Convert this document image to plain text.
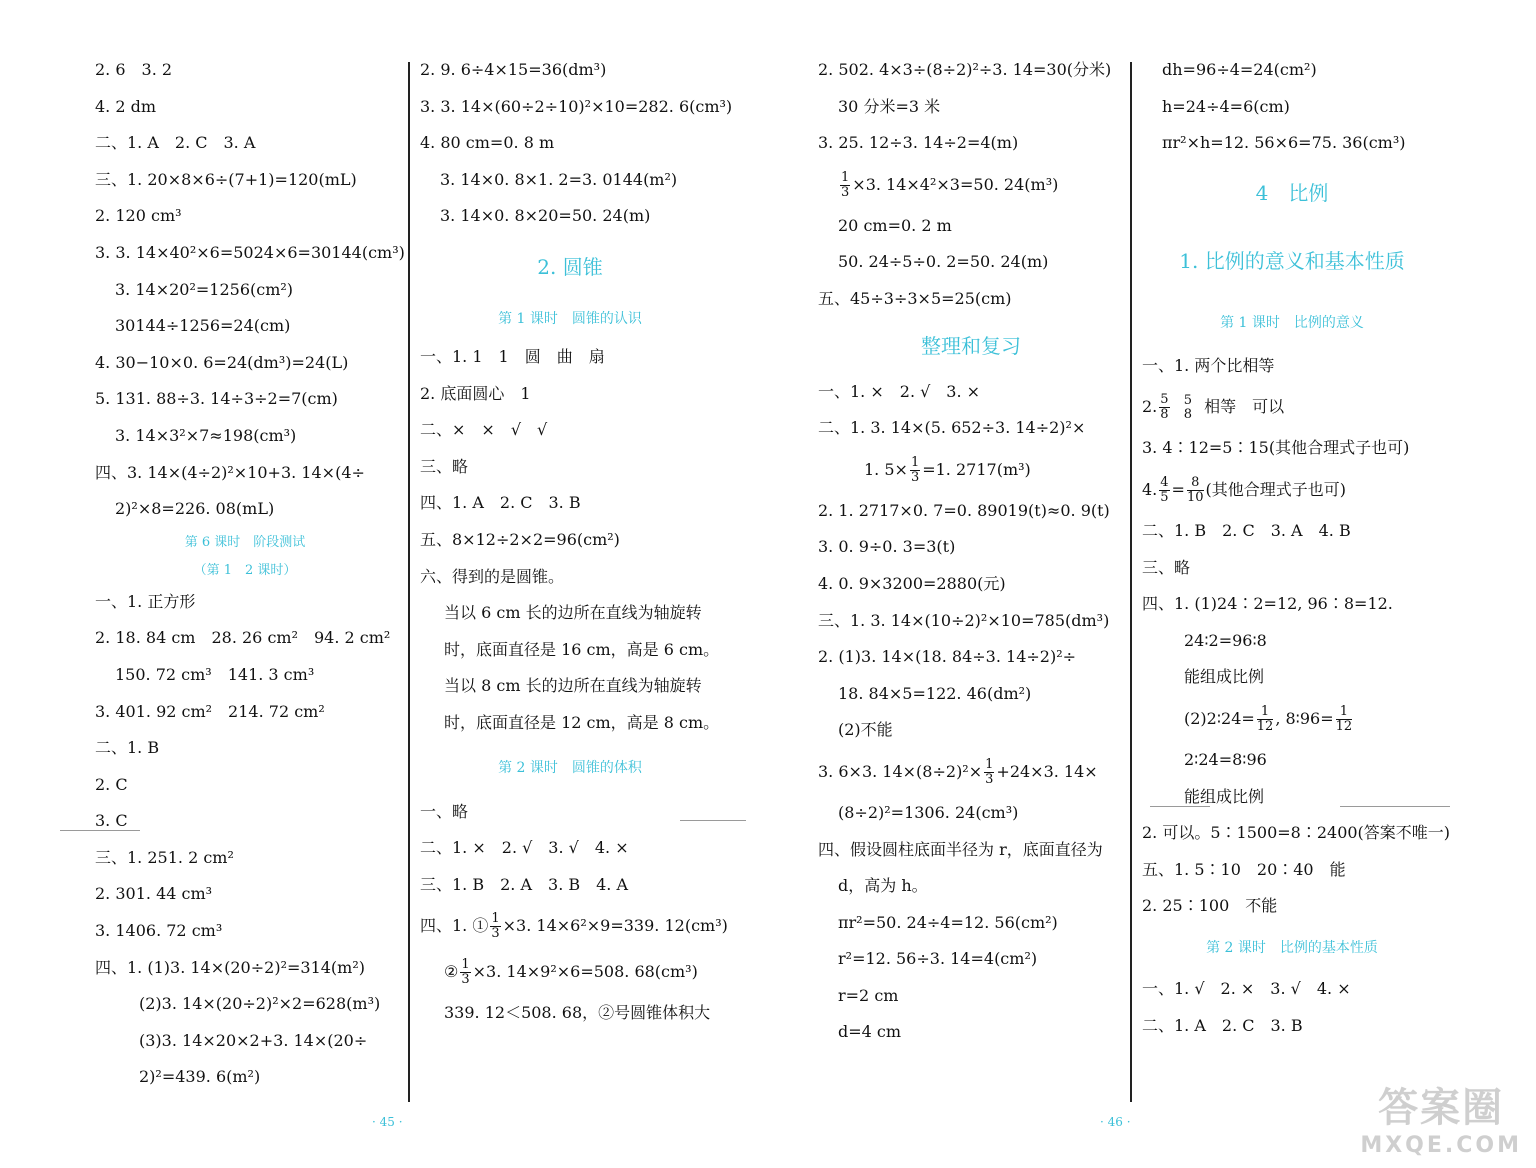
2. 6　3. 2
4. 2 dm
二、1. A　2. C　3. A
三、1. 20×8×6÷(7+1)=120(mL)
2. 120 cm³
3. 3. 14×40²×6=5024×6=30144(cm³)
3. 14×20²=1256(cm²)
30144÷1256=24(cm)
4. 30−10×0. 6=24(dm³)=24(L)
5. 131. 88÷3. 14÷3÷2=7(cm)
3. 14×3²×7≈198(cm³)
四、3. 14×(4÷2)²×10+3. 14×(4÷
2)²×8=226. 08(mL)
第 6 课时　阶段测试
（第 1　2 课时）
一、1. 正方形
2. 18. 84 cm　28. 26 cm²　94. 2 cm²
150. 72 cm³　141. 3 cm³
3. 401. 92 cm²　214. 72 cm²
二、1. B
2. C
3. C
三、1. 251. 2 cm²
2. 301. 44 cm³
3. 1406. 72 cm³
四、1. (1)3. 14×(20÷2)²=314(m²)
(2)3. 14×(20÷2)²×2=628(m³)
(3)3. 14×20×2+3. 14×(20÷
2)²=439. 6(m²)
2. 9. 6÷4×15=36(dm³)
3. 3. 14×(60÷2÷10)²×10=282. 6(cm³)
4. 80 cm=0. 8 m
3. 14×0. 8×1. 2=3. 0144(m²)
3. 14×0. 8×20=50. 24(m)
2. 圆锥
第 1 课时　圆锥的认识
一、1. 1　1　圆　曲　扇
2. 底面圆心　1
二、×　×　√　√
三、略
四、1. A　2. C　3. B
五、8×12÷2×2=96(cm²)
六、得到的是圆锥。
当以 6 cm 长的边所在直线为轴旋转
时，底面直径是 16 cm，高是 6 cm。
当以 8 cm 长的边所在直线为轴旋转
时，底面直径是 12 cm，高是 8 cm。
第 2 课时　圆锥的体积
一、略
二、1. ×　2. √　3. √　4. ×
三、1. B　2. A　3. B　4. A
四、1. ① $\frac{1}{3} \times 3$. 14×6²×9=339. 12(cm³)
② $\frac{1}{3} \times 3$. 14×9²×6=508. 68(cm³)
339. 12＜508. 68，②号圆锥体积大
2. 502. 4×3÷(8÷2)²÷3. 14=30(分米)
30 分米=3 米
3. 25. 12÷3. 14÷2=4(m)
$\frac{1}{3} \times 3$. 14×4²×3=50. 24(m³)
20 cm=0. 2 m
50. 24÷5÷0. 2=50. 24(m)
五、45÷3÷3×5=25(cm)
整理和复习
一、1. ×　2. √　3. ×
二、1. 3. 14×(5. 652÷3. 14÷2)²×
1. $5\times \frac{1}{3} =1$. 2717(m³)
2. 1. 2717×0. 7=0. 89019(t)≈0. 9(t)
3. 0. 9÷0. 3=3(t)
4. 0. 9×3200=2880(元)
三、1. 3. 14×(10÷2)²×10=785(dm³)
2. (1)3. 14×(18. 84÷3. 14÷2)²÷
18. 84×5=122. 46(dm²)
(2)不能
3. 6×3. $14\times(8\div 2)^2\times \frac{1}{3} +24\times 3$. 14×
(8÷2)²=1306. 24(cm³)
四、假设圆柱底面半径为 r，底面直径为
d，高为 h。
πr²=50. 24÷4=12. 56(cm²)
r²=12. 56÷3. 14=4(cm²)
r=2 cm
d=4 cm
dh=96÷4=24(cm²)
h=24÷4=6(cm)
πr²×h=12. 56×6=75. 36(cm³)
4　比例
1. 比例的意义和基本性质
第 1 课时　比例的意义
一、1. 两个比相等
2. $\frac{5}{8}$
5
8 相等　可以
3. 4∶12=5∶15(其他合理式子也可)
4. $\frac{4}{5} = \frac{8}{10}$ (其他合理式子也可)
二、1. B　2. C　3. A　4. B
三、略
四、1. (1)24∶2=12, 96∶8=12.
24∶2=96∶8
能组成比例
(2)2∶24= $\frac{1}{12}$ , 8∶96= $\frac{1}{12}$
2∶24=8∶96
能组成比例
2. 可以。5∶1500=8∶2400(答案不唯一)
五、1. 5∶10　20∶40　能
2. 25∶100　不能
第 2 课时　比例的基本性质
一、1. √　2. ×　3. √　4. ×
二、1. A　2. C　3. B
· 45 ·	· 46 ·	答案圈
MXQE.COM
